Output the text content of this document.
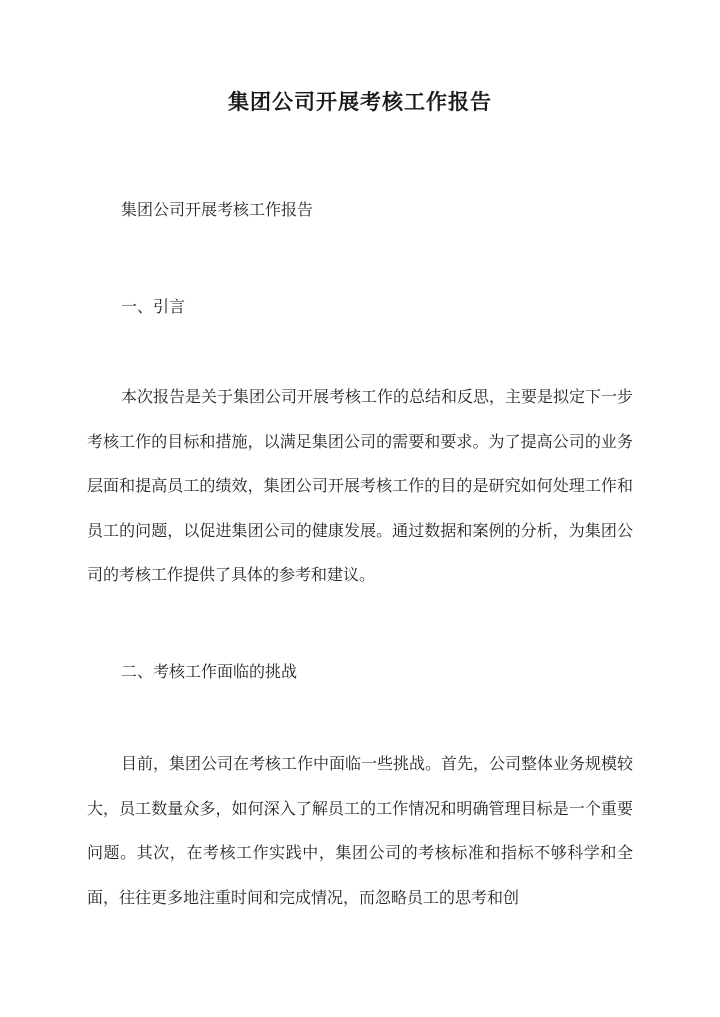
集团公司开展考核工作报告
集团公司开展考核工作报告
一、引言

本次报告是关于集团公司开展考核工作的总结和反思，主要是拟定下一步考核工作的目标和措施，以满足集团公司的需要和要求。为了提高公司的业务层面和提高员工的绩效，集团公司开展考核工作的目的是研究如何处理工作和员工的问题，以促进集团公司的健康发展。通过数据和案例的分析，为集团公司的考核工作提供了具体的参考和建议。

二、考核工作面临的挑战

目前，集团公司在考核工作中面临一些挑战。首先，公司整体业务规模较大，员工数量众多，如何深入了解员工的工作情况和明确管理目标是一个重要问题。其次，在考核工作实践中，集团公司的考核标准和指标不够科学和全面，往往更多地注重时间和完成情况，而忽略员工的思考和创
